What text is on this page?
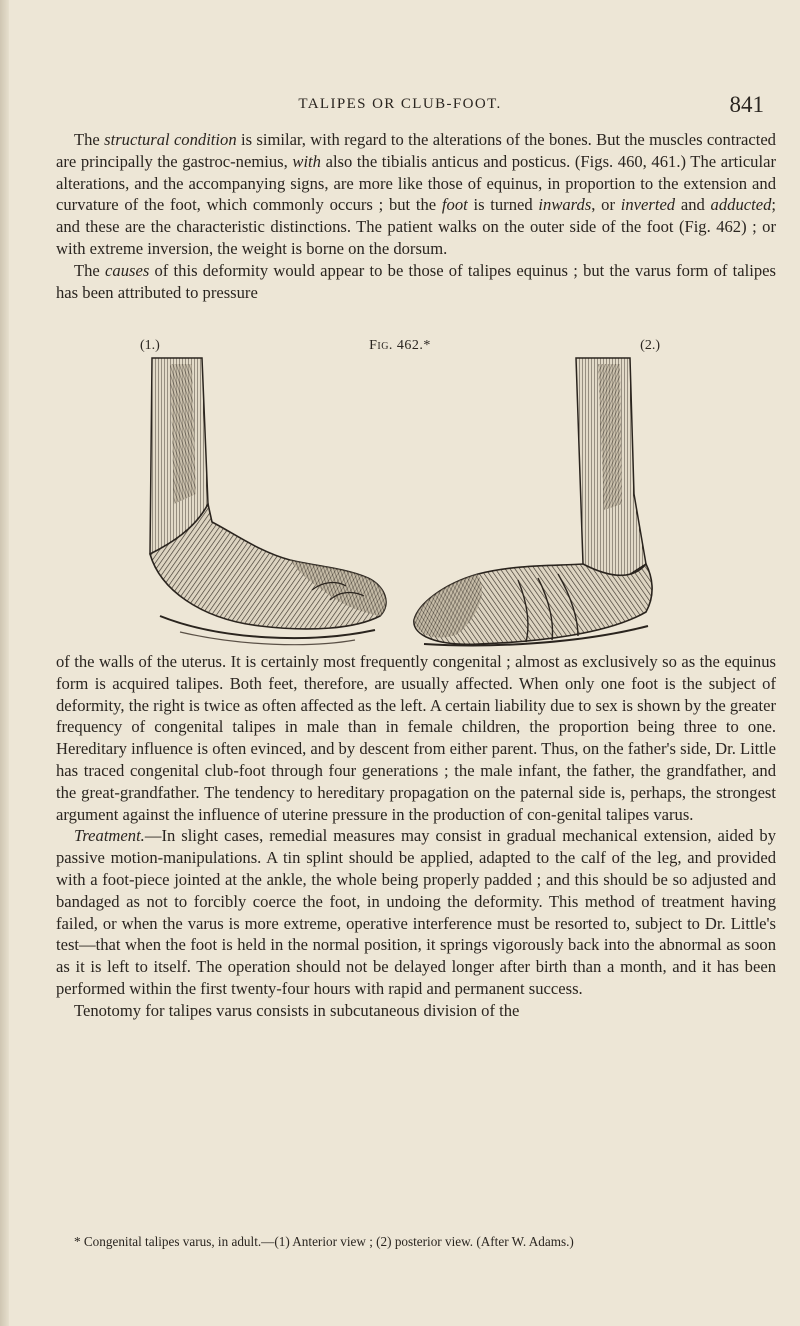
TALIPES OR CLUB-FOOT.	841

The structural condition is similar, with regard to the alterations of the bones. But the muscles contracted are principally the gastroc-nemius, with also the tibialis anticus and posticus. (Figs. 460, 461.) The articular alterations, and the accompanying signs, are more like those of equinus, in proportion to the extension and curvature of the foot, which commonly occurs ; but the foot is turned inwards, or inverted and adducted; and these are the characteristic distinctions. The patient walks on the outer side of the foot (Fig. 462) ; or with extreme inversion, the weight is borne on the dorsum.

The causes of this deformity would appear to be those of talipes equinus ; but the varus form of talipes has been attributed to pressure

(1.)	Fig. 462.*	(2.)

of the walls of the uterus. It is certainly most frequently congenital ; almost as exclusively so as the equinus form is acquired talipes. Both feet, therefore, are usually affected. When only one foot is the subject of deformity, the right is twice as often affected as the left. A certain liability due to sex is shown by the greater frequency of congenital talipes in male than in female children, the proportion being three to one. Hereditary influence is often evinced, and by descent from either parent. Thus, on the father's side, Dr. Little has traced congenital club-foot through four generations ; the male infant, the father, the grandfather, and the great-grandfather. The tendency to hereditary propagation on the paternal side is, perhaps, the strongest argument against the influence of uterine pressure in the production of con-genital talipes varus.

Treatment.—In slight cases, remedial measures may consist in gradual mechanical extension, aided by passive motion-manipulations. A tin splint should be applied, adapted to the calf of the leg, and provided with a foot-piece jointed at the ankle, the whole being properly padded ; and this should be so adjusted and bandaged as not to forcibly coerce the foot, in undoing the deformity. This method of treatment having failed, or when the varus is more extreme, operative interference must be resorted to, subject to Dr. Little's test—that when the foot is held in the normal position, it springs vigorously back into the abnormal as soon as it is left to itself. The operation should not be delayed longer after birth than a month, and it has been performed within the first twenty-four hours with rapid and permanent success.

Tenotomy for talipes varus consists in subcutaneous division of the

* Congenital talipes varus, in adult.—(1) Anterior view ; (2) posterior view. (After W. Adams.)
